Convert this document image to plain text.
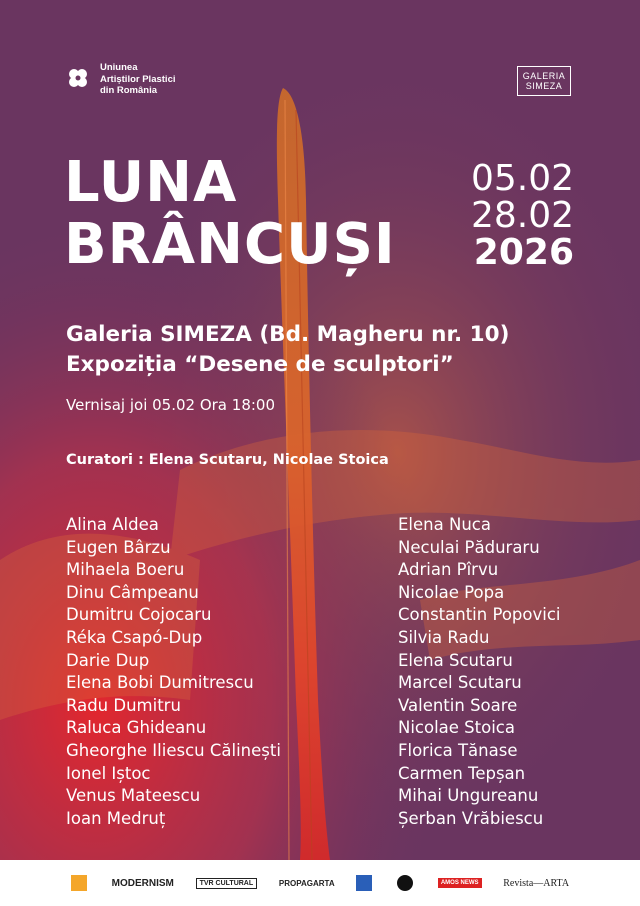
Uniunea
Artiștilor Plastici
din România
GALERIA
SIMEZA
LUNA
BRÂNCUȘI
05.02
28.02
2026
Galeria SIMEZA (Bd. Magheru nr. 10)
Expoziția “Desene de sculptori”
Vernisaj joi 05.02 Ora 18:00
Curatori : Elena Scutaru, Nicolae Stoica
Alina Aldea
Eugen Bârzu
Mihaela Boeru
Dinu Câmpeanu
Dumitru Cojocaru
Réka Csapó-Dup
Darie Dup
Elena Bobi Dumitrescu
Radu Dumitru
Raluca Ghideanu
Gheorghe Iliescu Călinești
Ionel Iștoc
Venus Mateescu
Ioan Medruț
Elena Nuca
Neculai Păduraru
Adrian Pîrvu
Nicolae Popa
Constantin Popovici
Silvia Radu
Elena Scutaru
Marcel Scutaru
Valentin Soare
Nicolae Stoica
Florica Tănase
Carmen Tepșan
Mihai Ungureanu
Șerban Vrăbiescu
MODERNISM	TVR CULTURAL	PROPAGARTA	AMOS NEWS	Revista—ARTA
